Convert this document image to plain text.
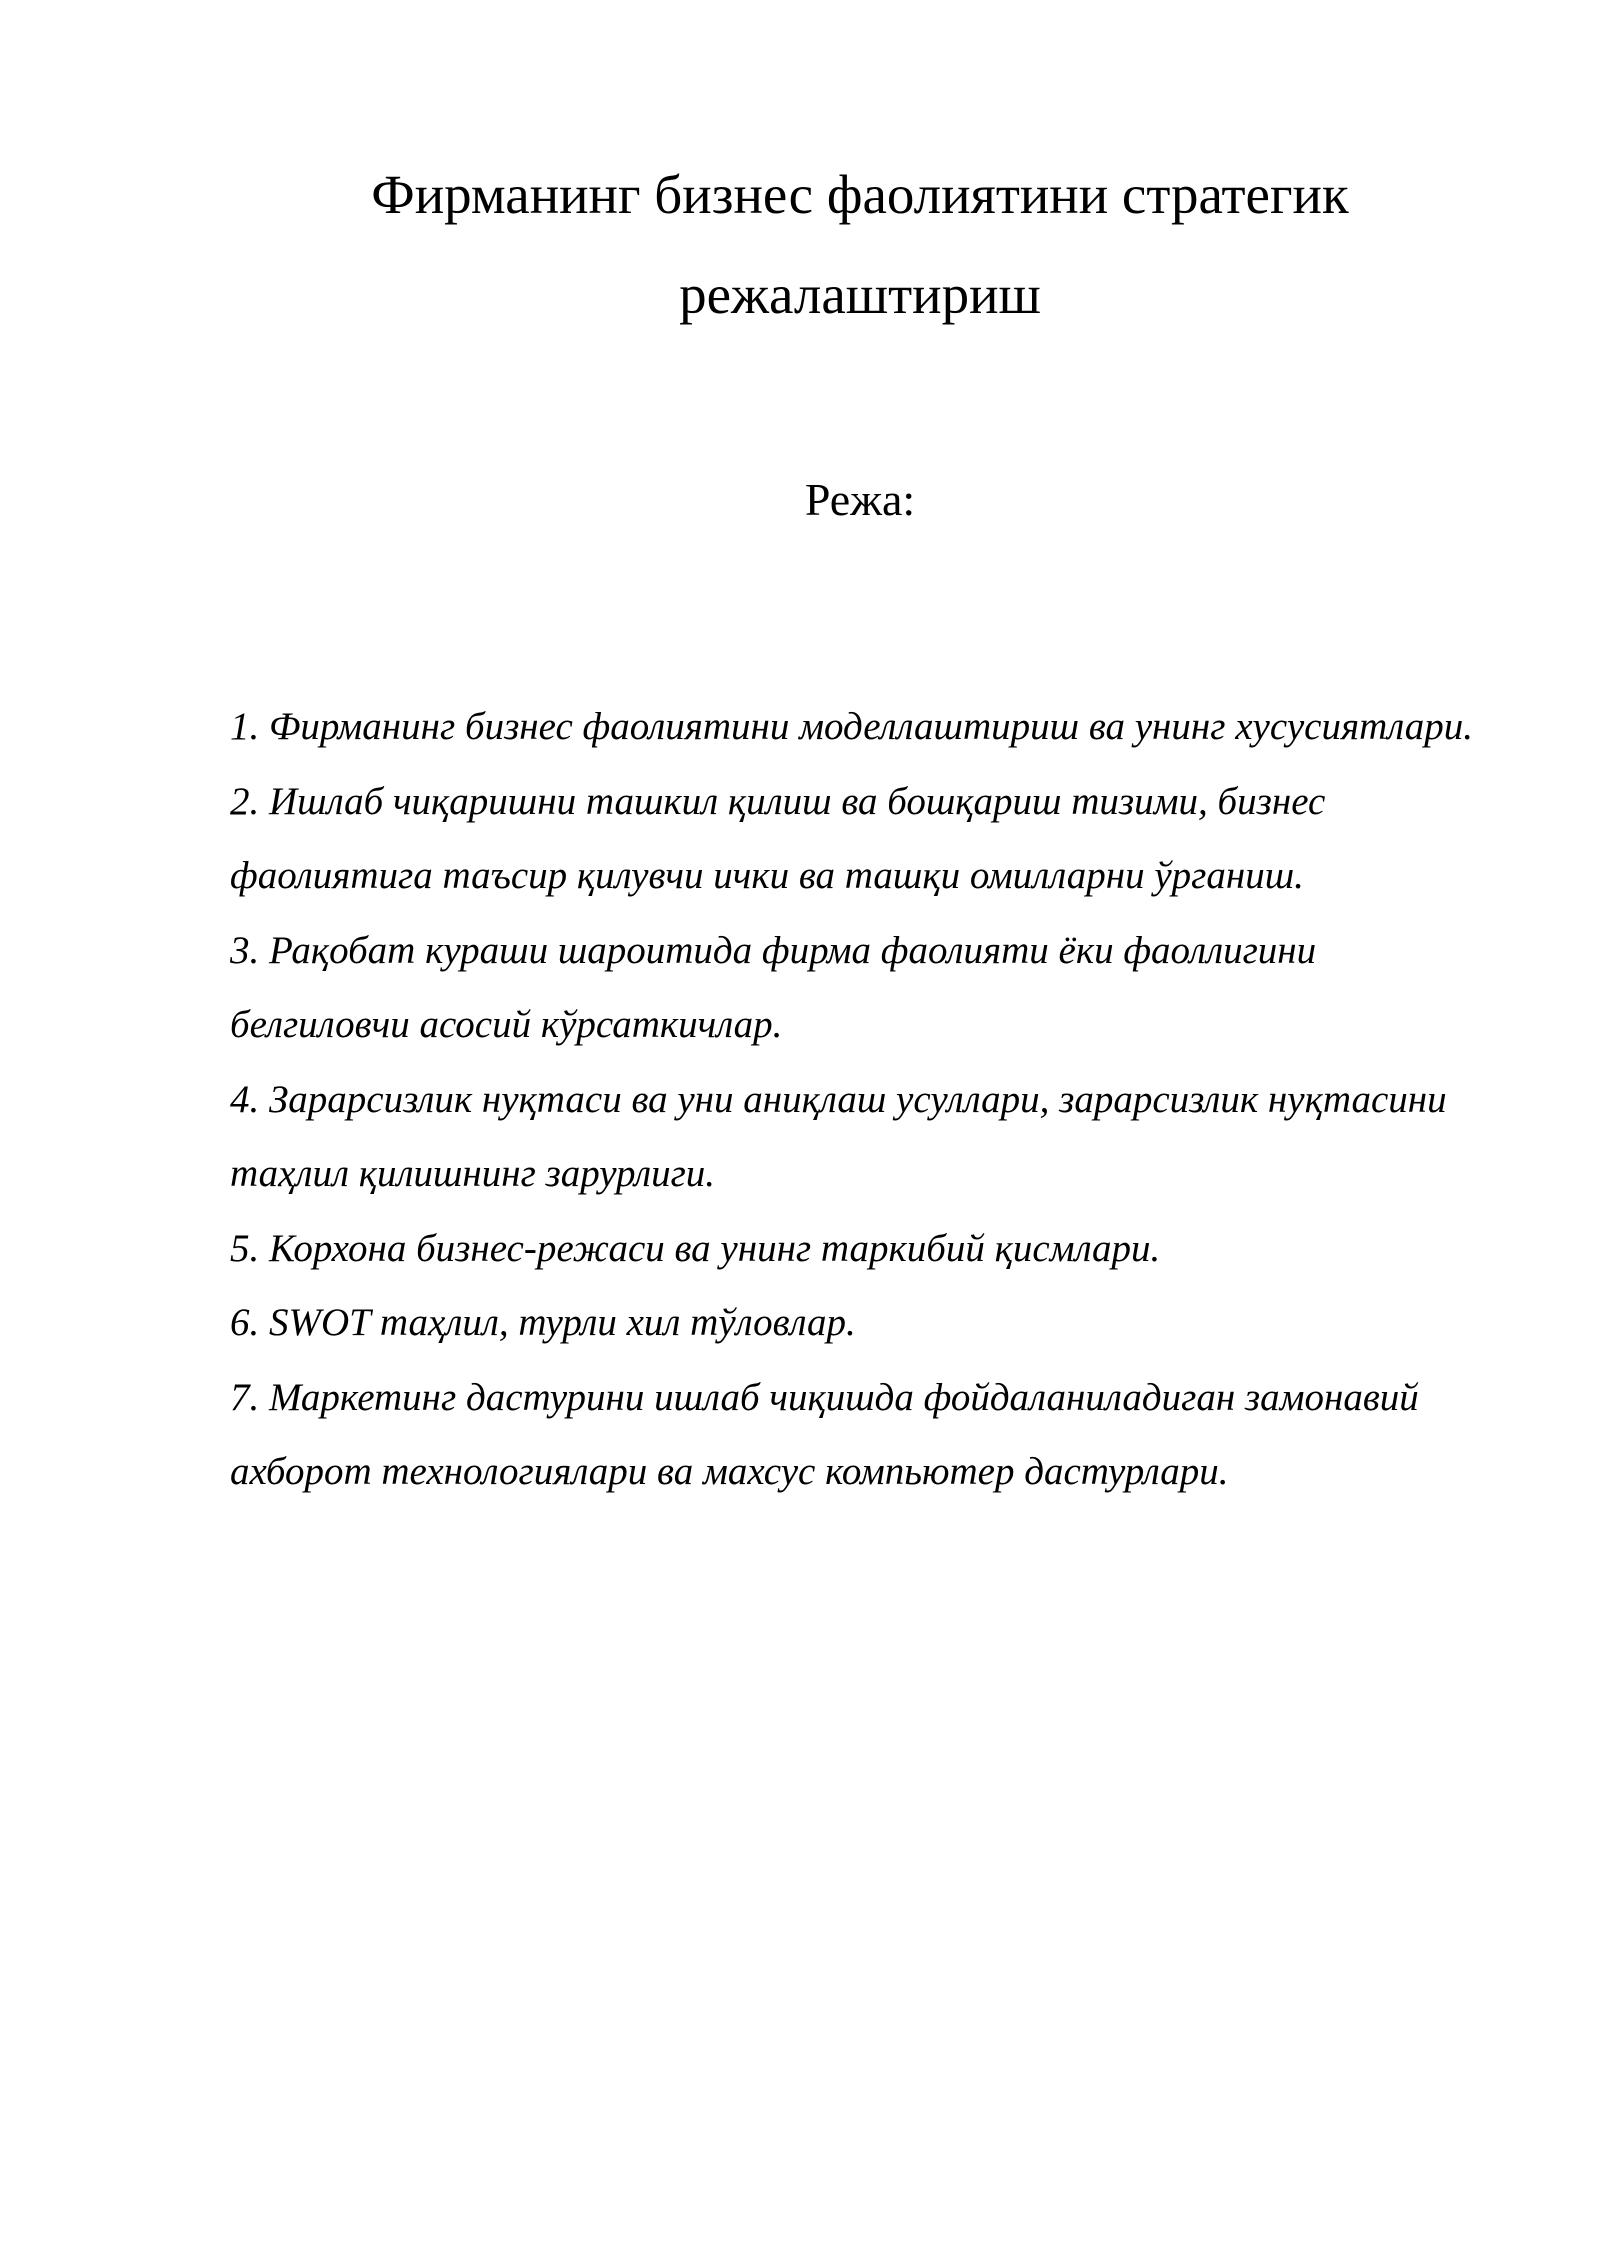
Фирманинг бизнес фаолиятини стратегик
режалаштириш
Режа:
1. Фирманинг бизнес фаолиятини моделлаштириш ва унинг хусусиятлари.
2. Ишлаб чиқаришни ташкил қилиш ва бошқариш тизими, бизнес фаолиятига таъсир қилувчи ички ва ташқи омилларни ўрганиш.
3. Рақобат кураши шароитида фирма фаолияти ёки фаоллигини белгиловчи асосий кўрсаткичлар.
4. Зарарсизлик нуқтаси ва уни аниқлаш усуллари, зарарсизлик нуқтасини таҳлил қилишнинг зарурлиги.
5. Корхона бизнес-режаси ва унинг таркибий қисмлари.
6. SWOT таҳлил, турли хил тўловлар.
7. Маркетинг дастурини ишлаб чиқишда фойдаланиладиган замонавий ахборот технологиялари ва махсус компьютер дастурлари.
